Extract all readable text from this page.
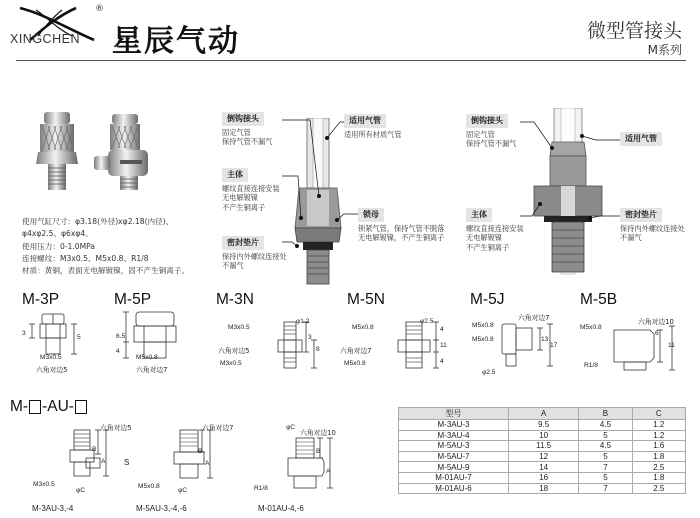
XINGCHEN
®
星辰气动	微型管接头
M系列
使用气缸尺寸：φ3.18(外径)xφ2.18(内径)、
φ4xφ2.5、φ6xφ4。
使用压力：0-1.0MPa
连接螺纹：M3x0.5、M5x0.8、R1/8
材质：黄铜，表面无电解镀镍，固不产生铜离子。
倒钩接头
固定气管
保持气管不漏气
主体
螺纹直接连接安装
无电解镀镍
不产生铜离子
密封垫片
保持内外螺纹连接处
不漏气
适用气管
适用所有材质气管
锁母
锁紧气管，保持气管不脱落
无电解镀镍，不产生铜离子
倒钩接头
固定气管
保持气管不漏气
适用气管
主体
螺纹直接连接安装
无电解镀镍
不产生铜离子
密封垫片
保持内外螺纹连接处
不漏气
M-3P	M-5P	M-3N	M-5N	M-5J	M-5B
3
5
M3x0.5
六角对边5
6.5
4
M5x0.8
六角对边7
φ1.2
M3x0.5
六角对边5
M3x0.5
3
8
φ2.5
M5x0.8
六角对边7
M5x0.8
4
11
4
六角对边7
M5x0.8
M5x0.8
φ2.5
13
17
六角对边10
M5x0.8
R1/8
11
6
M- -AU-
六角对边5
B
A
M3x0.5
φC
M-3AU-3,-4
S
六角对边7
B
A
M5x0.8
φC
M-5AU-3,-4,-6
φC
六角对边10
B
A
R1/8
M-01AU-4,-6
型号	A	B	C
M-3AU-3	9.5	4.5	1.2
M-3AU-4	10	5	1.2
M-5AU-3	11.5	4.5	1.6
M-5AU-7	12	5	1.8
M-5AU-9	14	7	2.5
M-01AU-7	16	5	1.8
M-01AU-6	18	7	2.5
